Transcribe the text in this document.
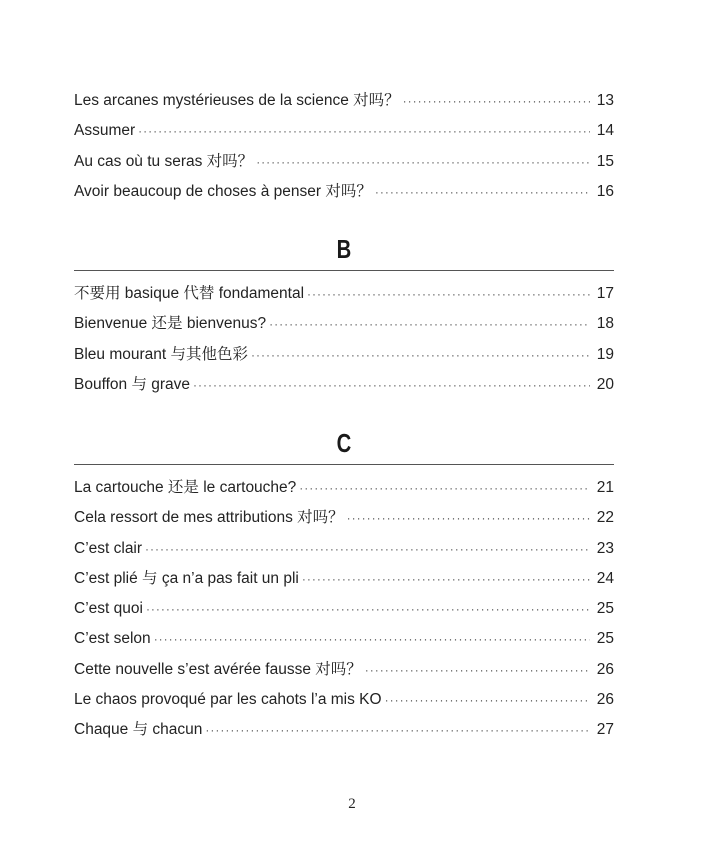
Les arcanes mystérieuses de la science 对吗？ ·····	13
Assumer ·····	14
Au cas où tu seras 对吗？ ·····	15
Avoir beaucoup de choses à penser 对吗？ ·····	16
B
不要用 basique 代替 fondamental ·····	17
Bienvenue 还是 bienvenus? ·····	18
Bleu mourant 与其他色彩 ·····	19
Bouffon 与 grave ·····	20
C
La cartouche 还是 le cartouche? ·····	21
Cela ressort de mes attributions 对吗？ ·····	22
C’est clair ·····	23
C’est plié 与 ça n’a pas fait un pli ·····	24
C’est quoi ·····	25
C’est selon ·····	25
Cette nouvelle s’est avérée fausse 对吗？ ·····	26
Le chaos provoqué par les cahots l’a mis KO ·····	26
Chaque 与 chacun ·····	27
2
